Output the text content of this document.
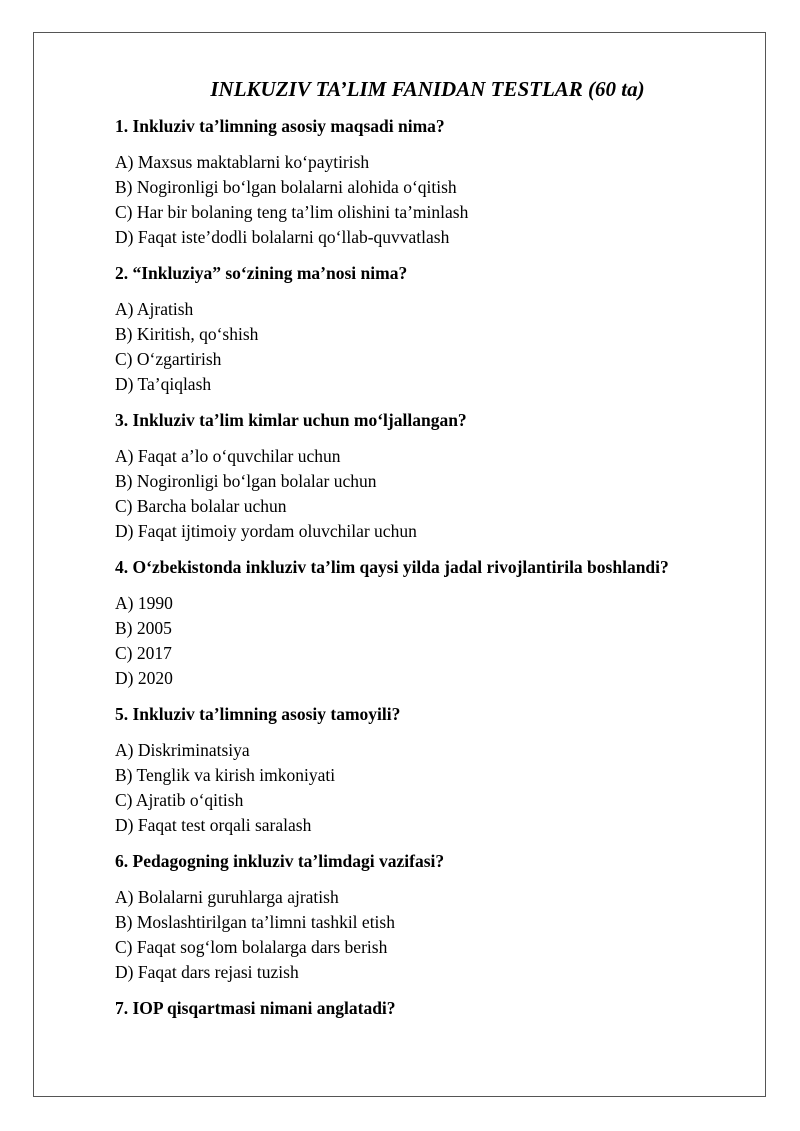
INLKUZIV TA’LIM FANIDAN TESTLAR (60 ta)
1. Inkluziv ta’limning asosiy maqsadi nima?
A) Maxsus maktablarni koʻpaytirish
B) Nogironligi boʻlgan bolalarni alohida oʻqitish
C) Har bir bolaning teng ta’lim olishini ta’minlash
D) Faqat iste’dodli bolalarni qoʻllab-quvvatlash
2. “Inkluziya” soʻzining ma’nosi nima?
A) Ajratish
B) Kiritish, qoʻshish
C) Oʻzgartirish
D) Ta’qiqlash
3. Inkluziv ta’lim kimlar uchun moʻljallangan?
A) Faqat a’lo oʻquvchilar uchun
B) Nogironligi boʻlgan bolalar uchun
C) Barcha bolalar uchun
D) Faqat ijtimoiy yordam oluvchilar uchun
4. Oʻzbekistonda inkluziv ta’lim qaysi yilda jadal rivojlantirila boshlandi?
A) 1990
B) 2005
C) 2017
D) 2020
5. Inkluziv ta’limning asosiy tamoyili?
A) Diskriminatsiya
B) Tenglik va kirish imkoniyati
C) Ajratib oʻqitish
D) Faqat test orqali saralash
6. Pedagogning inkluziv ta’limdagi vazifasi?
A) Bolalarni guruhlarga ajratish
B) Moslashtirilgan ta’limni tashkil etish
C) Faqat sogʻlom bolalarga dars berish
D) Faqat dars rejasi tuzish
7. IOP qisqartmasi nimani anglatadi?
